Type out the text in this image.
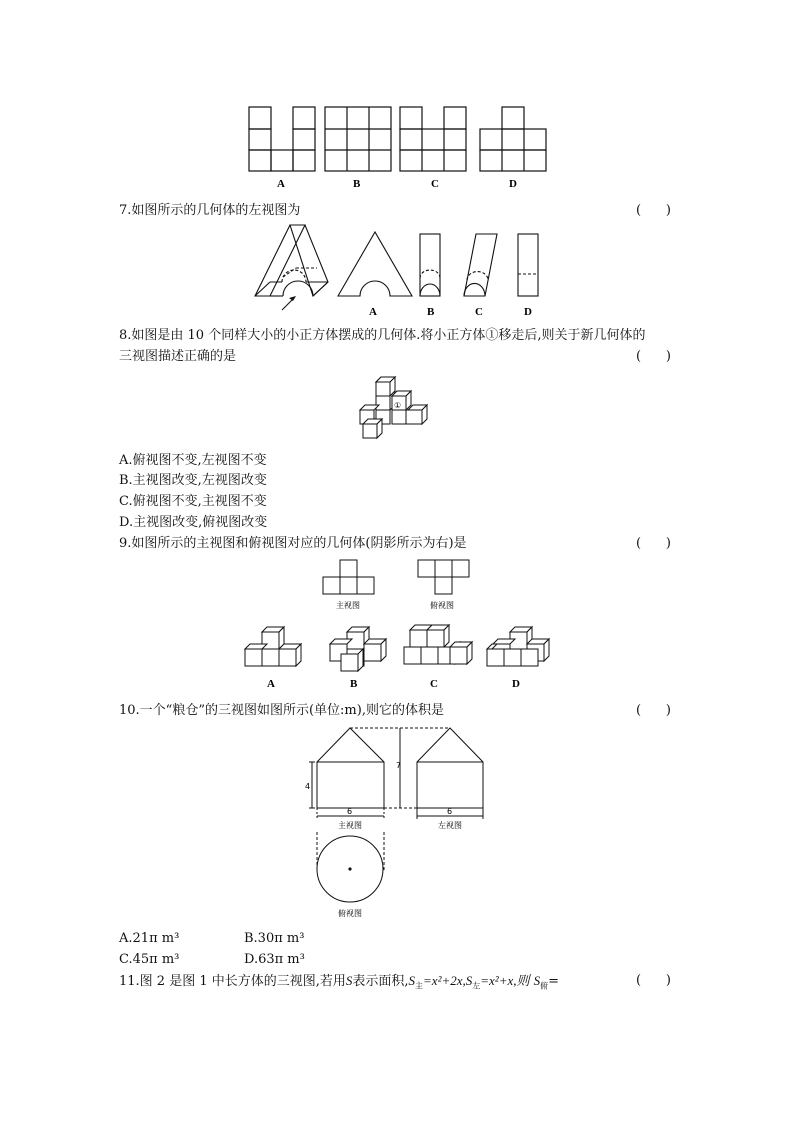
A	B	C	D
7.如图所示的几何体的左视图为	(      )
A	B	C	D
8.如图是由 10 个同样大小的小正方体摆成的几何体.将小正方体①移走后,则关于新几何体的
三视图描述正确的是	(      )
①
A.俯视图不变,左视图不变
B.主视图改变,左视图改变
C.俯视图不变,主视图不变
D.主视图改变,俯视图改变
9.如图所示的主视图和俯视图对应的几何体(阴影所示为右)是	(      )
主视图	俯视图
A	B	C	D
10.一个“粮仓”的三视图如图所示(单位:m),则它的体积是	(      )
4
7
6	6
主视图	左视图
俯视图
A.21π m³	B.30π m³
C.45π m³	D.63π m³
11.图 2 是图 1 中长方体的三视图,若用S表示面积$,S_主=x^2+2x,S_左=x^2+x$,则 $S_俯=$	(      )
